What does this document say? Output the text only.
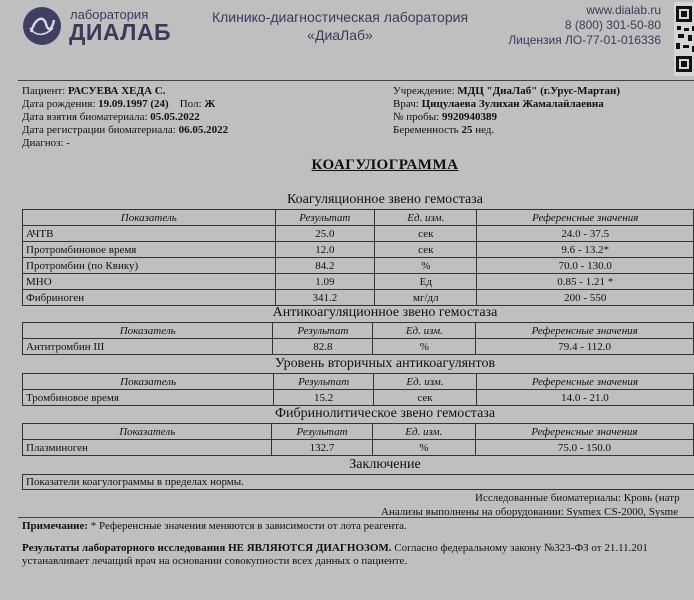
лаборатория
ДИАЛАБ
Клинико-диагностическая лаборатория
«ДиаЛаб»
www.dialab.ru
8 (800) 301-50-80
Лицензия ЛО-77-01-016336
Пациент: РАСУЕВА ХЕДА С.
Дата рождения: 19.09.1997 (24) Пол: Ж
Дата взятия биоматериала: 05.05.2022
Дата регистрации биоматериала: 06.05.2022
Диагноз: -
Учреждение: МДЦ "ДиаЛаб" (г.Урус-Мартан)
Врач: Цицулаева Зулихан Жамалайлаевна
№ пробы: 9920940389
Беременность 25 нед.
КОАГУЛОГРАММА
Коагуляционное звено гемостаза
Показатель	Результат	Ед. изм.	Референсные значения
АЧТВ	25.0	сек	24.0 - 37.5
Протромбиновое время	12.0	сек	9.6 - 13.2*
Протромбин (по Квику)	84.2	%	70.0 - 130.0
МНО	1.09	Ед	0.85 - 1.21 *
Фибриноген	341.2	мг/дл	200 - 550
Антикоагуляционное звено гемостаза
Показатель	Результат	Ед. изм.	Референсные значения
Антитромбин III	82.8	%	79.4 - 112.0
Уровень вторичных антикоагулянтов
Показатель	Результат	Ед. изм.	Референсные значения
Тромбиновое время	15.2	сек	14.0 - 21.0
Фибринолитическое звено гемостаза
Показатель	Результат	Ед. изм.	Референсные значения
Плазминоген	132.7	%	75.0 - 150.0
Заключение
Показатели коагулограммы в пределах нормы.
Исследованные биоматериалы: Кровь (натр
Анализы выполнены на оборудовании: Sysmex CS-2000, Sysme
Примечание: * Референсные значения меняются в зависимости от лота реагента.
Результаты лабораторного исследования НЕ ЯВЛЯЮТСЯ ДИАГНОЗОМ. Согласно федеральному закону №323-ФЗ от 21.11.201
устанавливает лечащий врач на основании совокупности всех данных о пациенте.
